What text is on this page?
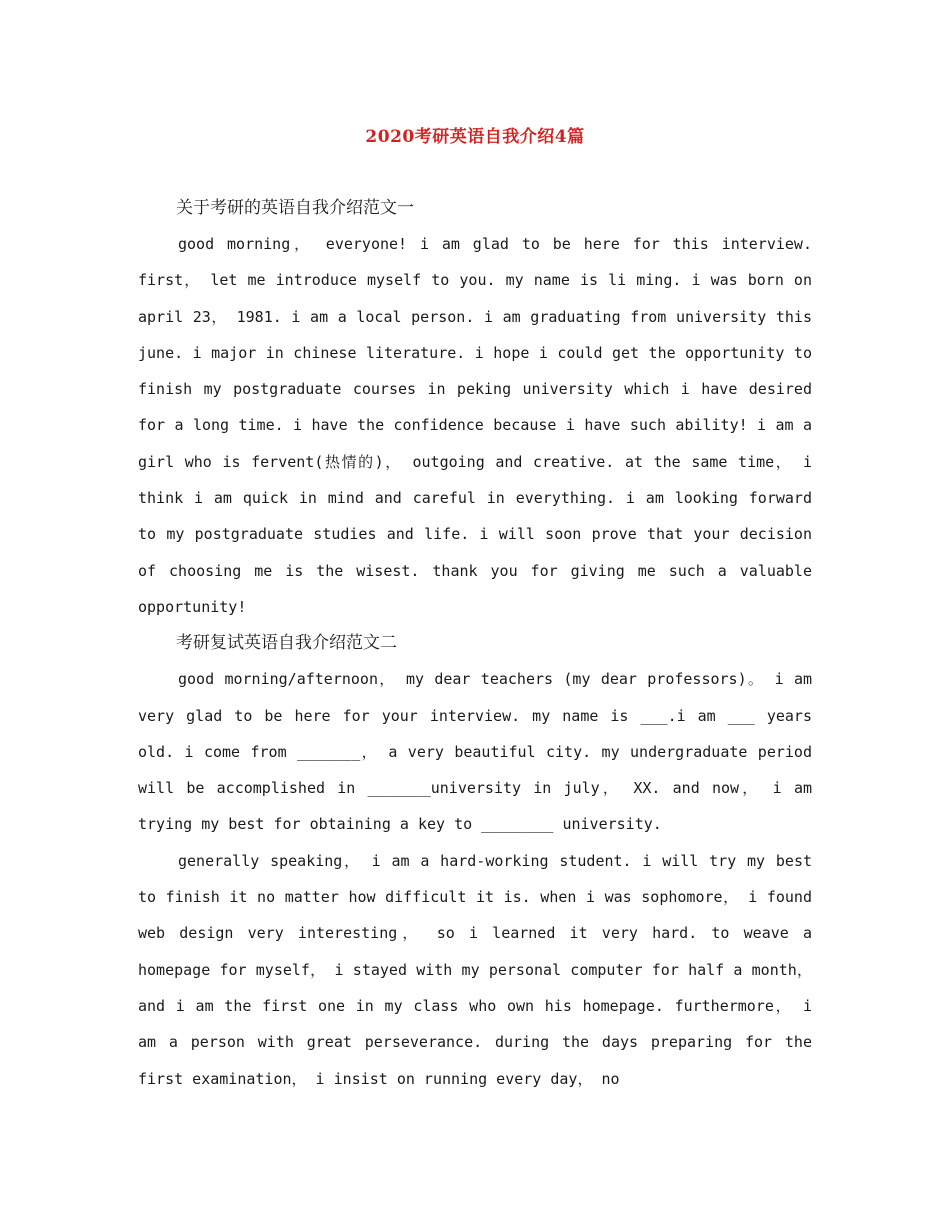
2020考研英语自我介绍4篇

关于考研的英语自我介绍范文一

good morning， everyone! i am glad to be here for this interview. first， let me introduce myself to you. my name is li ming. i was born on april 23， 1981. i am a local person. i am graduating from university this june. i major in chinese literature. i hope i could get the opportunity to finish my postgraduate courses in peking university which i have desired for a long time. i have the confidence because i have such ability! i am a girl who is fervent(热情的)， outgoing and creative. at the same time， i think i am quick in mind and careful in everything. i am looking forward to my postgraduate studies and life. i will soon prove that your decision of choosing me is the wisest. thank you for giving me such a valuable opportunity!

考研复试英语自我介绍范文二

good morning/afternoon， my dear teachers (my dear professors)。 i am very glad to be here for your interview. my name is ___.i am ___ years old. i come from _______， a very beautiful city. my undergraduate period will be accomplished in _______university in july， XX. and now， i am trying my best for obtaining a key to ________ university.

generally speaking， i am a hard-working student. i will try my best to finish it no matter how difficult it is. when i was sophomore， i found web design very interesting， so i learned it very hard. to weave a homepage for myself， i stayed with my personal computer for half a month， and i am the first one in my class who own his homepage. furthermore， i am a person with great perseverance. during the days preparing for the first examination， i insist on running every day， no
